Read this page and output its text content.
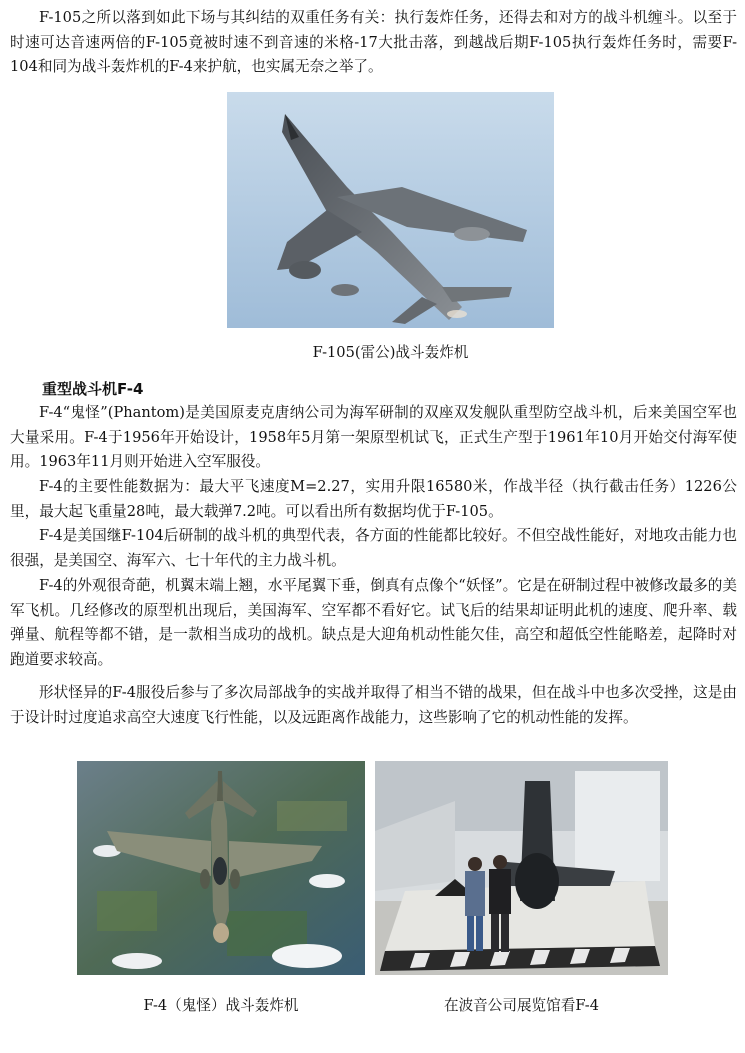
F-105之所以落到如此下场与其纠结的双重任务有关：执行轰炸任务，还得去和对方的战斗机缠斗。以至于时速可达音速两倍的F-105竟被时速不到音速的米格-17大批击落，到越战后期F-105执行轰炸任务时，需要F-104和同为战斗轰炸机的F-4来护航，也实属无奈之举了。

F-105(雷公)战斗轰炸机

重型战斗机F-4

F-4“鬼怪”(Phantom)是美国原麦克唐纳公司为海军研制的双座双发舰队重型防空战斗机，后来美国空军也大量采用。F-4于1956年开始设计，1958年5月第一架原型机试飞，正式生产型于1961年10月开始交付海军使用。1963年11月则开始进入空军服役。

F-4的主要性能数据为：最大平飞速度M=2.27，实用升限16580米，作战半径（执行截击任务）1226公里，最大起飞重量28吨，最大载弹7.2吨。可以看出所有数据均优于F-105。

F-4是美国继F-104后研制的战斗机的典型代表，各方面的性能都比较好。不但空战性能好，对地攻击能力也很强，是美国空、海军六、七十年代的主力战斗机。

F-4的外观很奇葩，机翼末端上翘，水平尾翼下垂，倒真有点像个“妖怪”。它是在研制过程中被修改最多的美军飞机。几经修改的原型机出现后，美国海军、空军都不看好它。试飞后的结果却证明此机的速度、爬升率、载弹量、航程等都不错，是一款相当成功的战机。缺点是大迎角机动性能欠佳，高空和超低空性能略差，起降时对跑道要求较高。

形状怪异的F-4服役后参与了多次局部战争的实战并取得了相当不错的战果，但在战斗中也多次受挫，这是由于设计时过度追求高空大速度飞行性能，以及远距离作战能力，这些影响了它的机动性能的发挥。

F-4（鬼怪）战斗轰炸机	在波音公司展览馆看F-4
